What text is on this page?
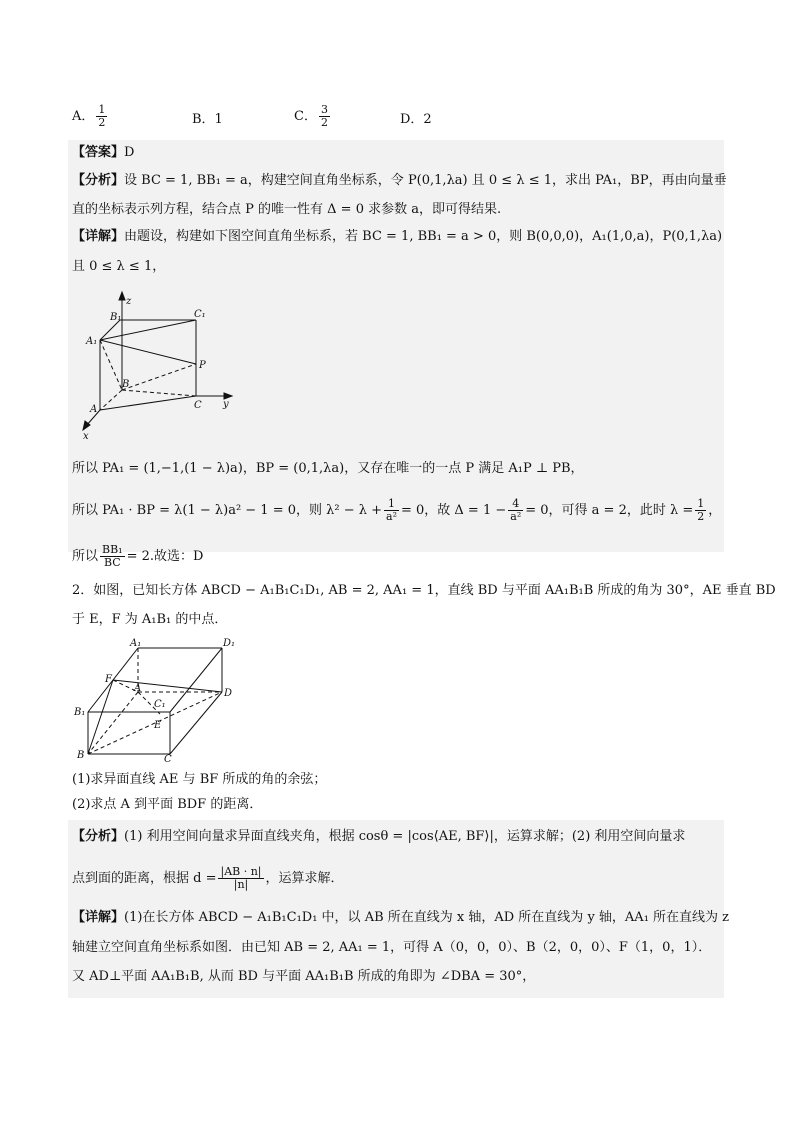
A． $\frac{1}{2}$	B．1	C． $\frac{3}{2}$	D．2
【答案】D
【分析】设 BC = 1, BB₁ = a，构建空间直角坐标系，令 P(0,1,λa) 且 0 ≤ λ ≤ 1，求出 PA₁，BP，再由向量垂
直的坐标表示列方程，结合点 P 的唯一性有 Δ = 0 求参数 a，即可得结果.
【详解】由题设，构建如下图空间直角坐标系，若 BC = 1, BB₁ = a > 0，则 B(0,0,0)，A₁(1,0,a)，P(0,1,λa)
且 0 ≤ λ ≤ 1，
z
B₁	C₁
A₁
P
B
A	C y
x
所以 PA₁ = (1,−1,(1 − λ)a)，BP = (0,1,λa)，又存在唯一的一点 P 满足 A₁P ⊥ PB，
所以 PA₁ · BP = λ(1 − λ)a² − 1 = 0，则 $\lambda^2 - \lambda + \frac{1}{\text{a²}} = 0$，故 $\Delta = 1 - \frac{4}{\text{a²}} = 0$，可得 a = 2，此时 $\lambda = \frac{1}{2}$ ，
所以 $\frac{\text{BB₁}}{BC} = 2$.故选：D
2．如图，已知长方体 ABCD − A₁B₁C₁D₁, AB = 2, AA₁ = 1，直线 BD 与平面 AA₁B₁B 所成的角为 30°，AE 垂直 BD
于 E，F 为 A₁B₁ 的中点．
A₁	D₁
F
A	D
C₁
B₁
E
B	C
(1)求异面直线 AE 与 BF 所成的角的余弦；
(2)求点 A 到平面 BDF 的距离．
【分析】(1) 利用空间向量求异面直线夹角，根据 cosθ = |cos⟨AE, BF⟩|，运算求解；(2) 利用空间向量求
点到面的距离，根据 $d = \frac{|AB \cdot n|}{|n|}$ ，运算求解．
【详解】(1)在长方体 ABCD − A₁B₁C₁D₁ 中，以 AB 所在直线为 x 轴，AD 所在直线为 y 轴，AA₁ 所在直线为 z
轴建立空间直角坐标系如图．由已知 AB = 2, AA₁ = 1，可得 A（0，0，0）、B（2，0，0）、F（1，0，1）．
又 AD⊥平面 AA₁B₁B, 从而 BD 与平面 AA₁B₁B 所成的角即为 ∠DBA = 30°，
